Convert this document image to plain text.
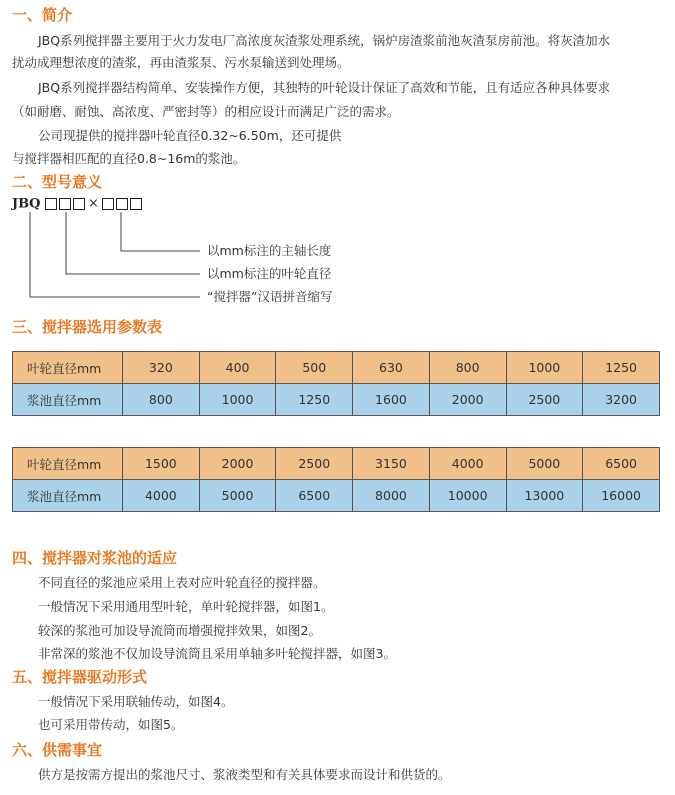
一、简介
JBQ系列搅拌器主要用于火力发电厂高浓度灰渣浆处理系统，锅炉房渣浆前池灰渣泵房前池。将灰渣加水
扰动成理想浓度的渣浆，再由渣浆泵、污水泵输送到处理场。
JBQ系列搅拌器结构简单、安装操作方便，其独特的叶轮设计保证了高效和节能，且有适应各种具体要求
（如耐磨、耐蚀、高浓度、严密封等）的相应设计而满足广泛的需求。
公司现提供的搅拌器叶轮直径0.32~6.50m，还可提供
与搅拌器相匹配的直径0.8~16m的浆池。
二、型号意义
JBQ	×
以mm标注的主轴长度
以mm标注的叶轮直径
“搅拌器”汉语拼音缩写
三、搅拌器选用参数表
叶轮直径mm	320	400	500	630	800	1000	1250
浆池直径mm	800	1000	1250	1600	2000	2500	3200
叶轮直径mm	1500	2000	2500	3150	4000	5000	6500
浆池直径mm	4000	5000	6500	8000	10000	13000	16000
四、搅拌器对浆池的适应
不同直径的浆池应采用上表对应叶轮直径的搅拌器。
一般情况下采用通用型叶轮，单叶轮搅拌器，如图1。
较深的浆池可加设导流筒而增强搅拌效果，如图2。
非常深的浆池不仅加设导流筒且采用单轴多叶轮搅拌器，如图3。
五、搅拌器驱动形式
一般情况下采用联轴传动，如图4。
也可采用带传动，如图5。
六、供需事宜
供方是按需方提出的浆池尺寸、浆液类型和有关具体要求而设计和供货的。
